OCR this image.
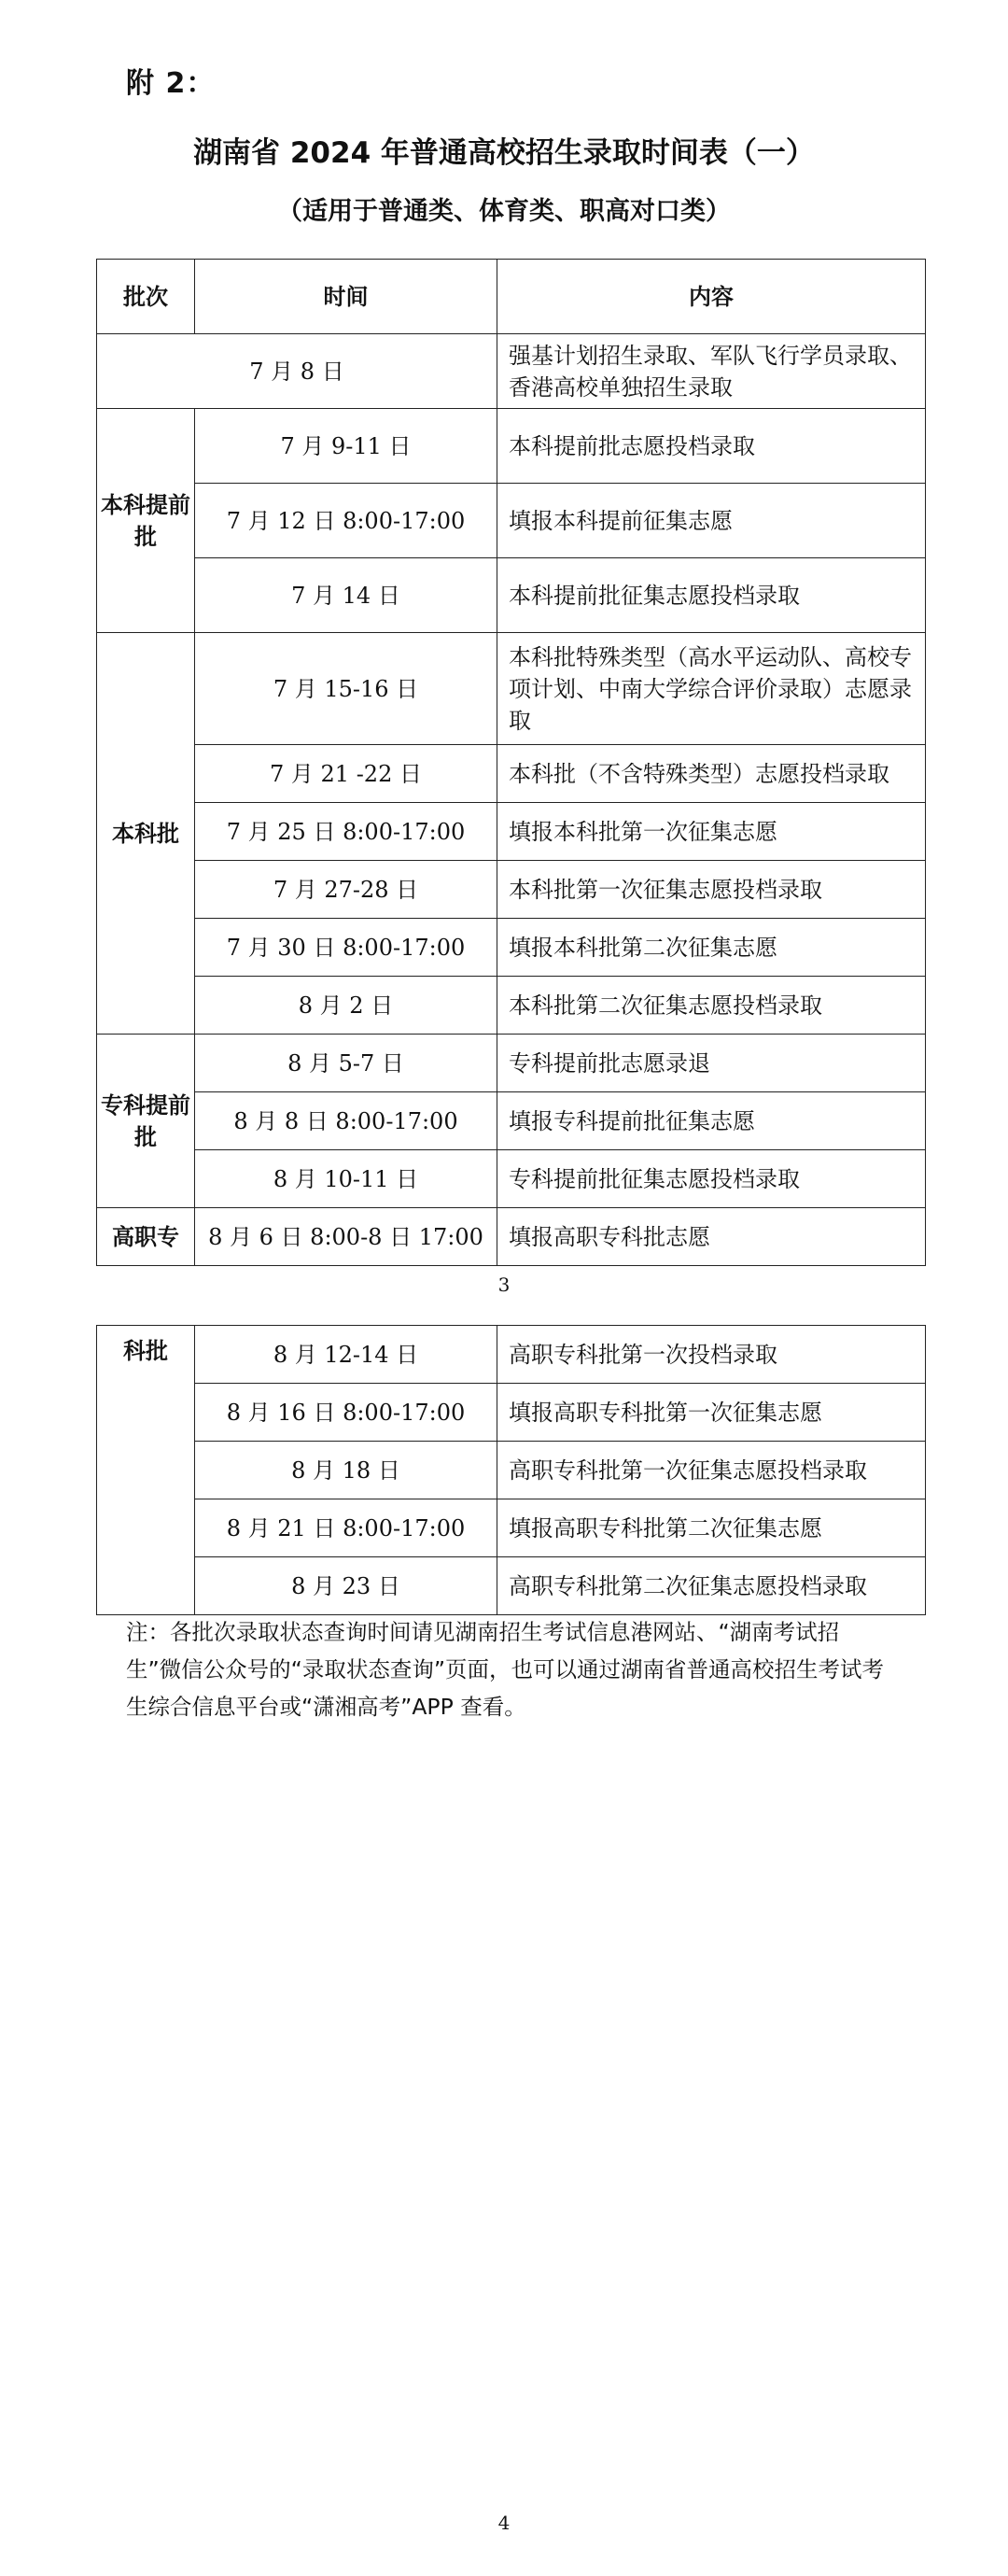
附 2：
湖南省 2024 年普通高校招生录取时间表（一）
（适用于普通类、体育类、职高对口类）
批次	时间	内容
7 月 8 日		强基计划招生录取、军队飞行学员录取、香港高校单独招生录取
本科提前批	7 月 9-11 日	本科提前批志愿投档录取
	7 月 12 日 8:00-17:00	填报本科提前征集志愿
	7 月 14 日	本科提前批征集志愿投档录取
本科批	7 月 15-16 日	本科批特殊类型（高水平运动队、高校专项计划、中南大学综合评价录取）志愿录取
	7 月 21 -22 日	本科批（不含特殊类型）志愿投档录取
	7 月 25 日 8:00-17:00	填报本科批第一次征集志愿
	7 月 27-28 日	本科批第一次征集志愿投档录取
	7 月 30 日 8:00-17:00	填报本科批第二次征集志愿
	8 月 2 日	本科批第二次征集志愿投档录取
专科提前批	8 月 5-7 日	专科提前批志愿录退
	8 月 8 日 8:00-17:00	填报专科提前批征集志愿
	8 月 10-11 日	专科提前批征集志愿投档录取
高职专	8 月 6 日 8:00-8 日 17:00	填报高职专科批志愿
3
科批	8 月 12-14 日	高职专科批第一次投档录取
	8 月 16 日 8:00-17:00	填报高职专科批第一次征集志愿
	8 月 18 日	高职专科批第一次征集志愿投档录取
	8 月 21 日 8:00-17:00	填报高职专科批第二次征集志愿
	8 月 23 日	高职专科批第二次征集志愿投档录取
注：各批次录取状态查询时间请见湖南招生考试信息港网站、“湖南考试招生”微信公众号的“录取状态查询”页面，也可以通过湖南省普通高校招生考试考生综合信息平台或“潇湘高考”APP 查看。
4
